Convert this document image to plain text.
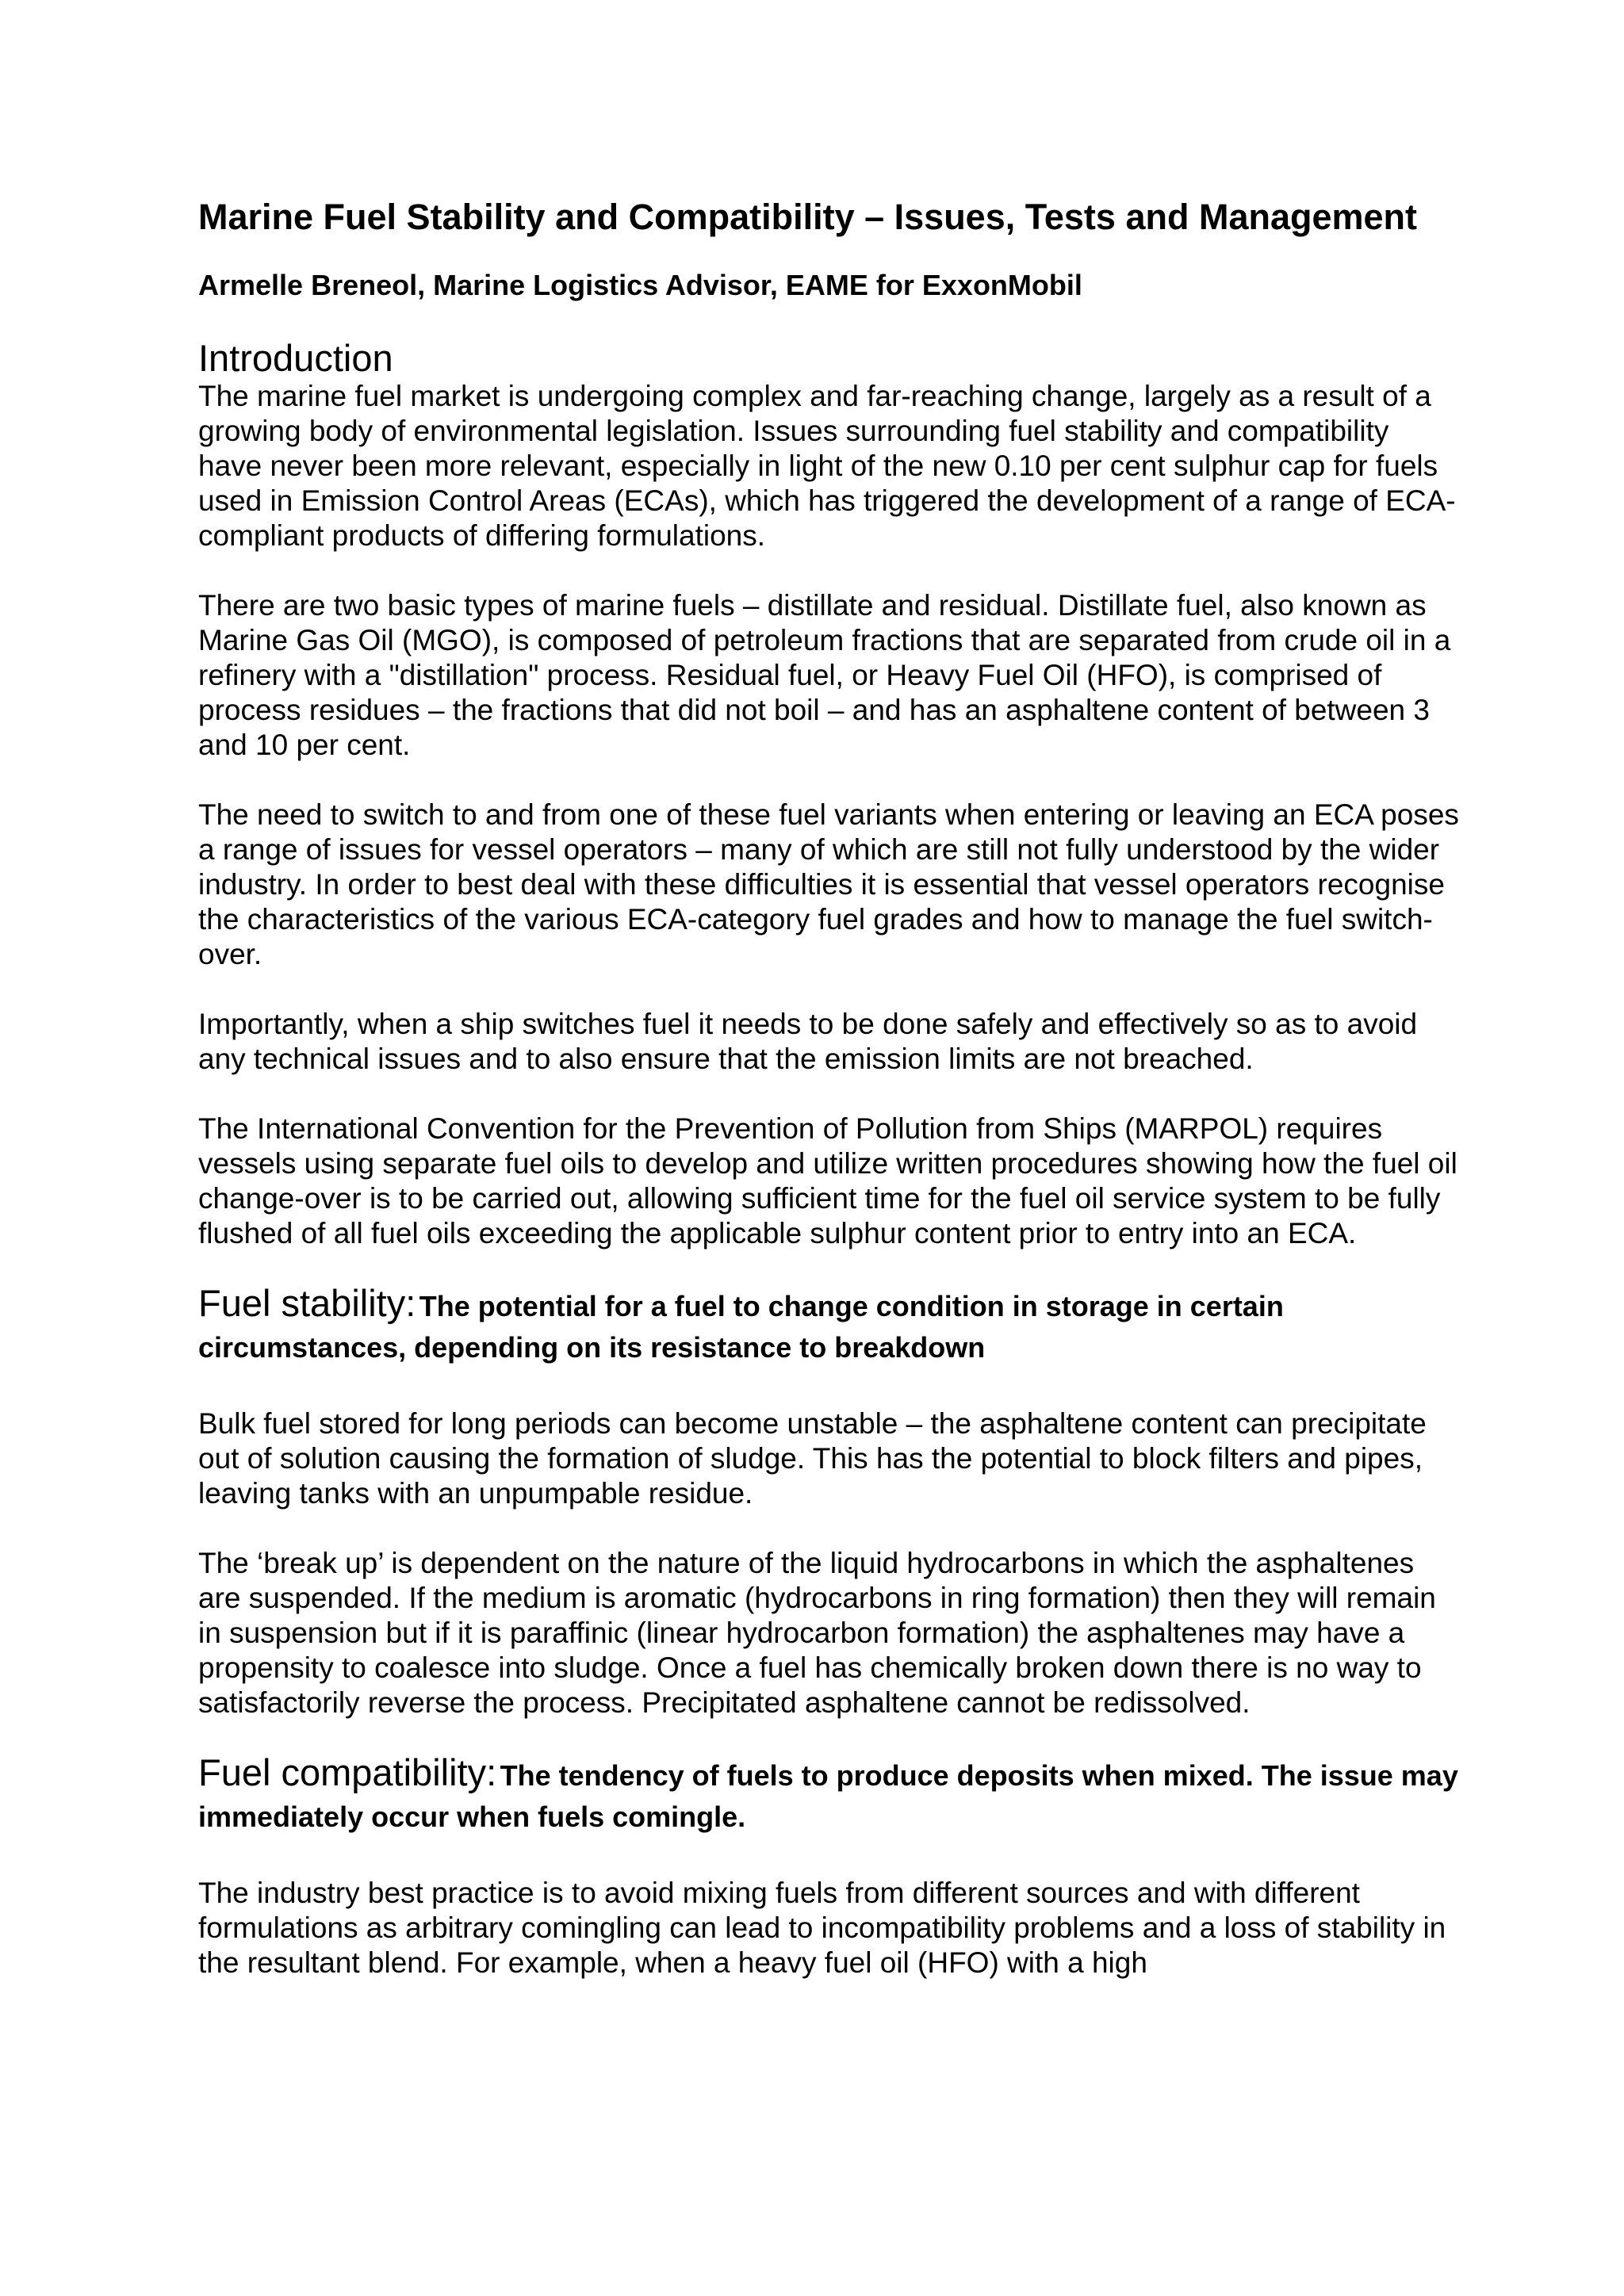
Marine Fuel Stability and Compatibility – Issues, Tests and Management
Armelle Breneol, Marine Logistics Advisor, EAME for ExxonMobil
Introduction

The marine fuel market is undergoing complex and far-reaching change, largely as a result of a growing body of environmental legislation. Issues surrounding fuel stability and compatibility have never been more relevant, especially in light of the new 0.10 per cent sulphur cap for fuels used in Emission Control Areas (ECAs), which has triggered the development of a range of ECA-compliant products of differing formulations.

There are two basic types of marine fuels – distillate and residual. Distillate fuel, also known as Marine Gas Oil (MGO), is composed of petroleum fractions that are separated from crude oil in a refinery with a "distillation" process. Residual fuel, or Heavy Fuel Oil (HFO), is comprised of process residues – the fractions that did not boil – and has an asphaltene content of between 3 and 10 per cent.

The need to switch to and from one of these fuel variants when entering or leaving an ECA poses a range of issues for vessel operators – many of which are still not fully understood by the wider industry. In order to best deal with these difficulties it is essential that vessel operators recognise the characteristics of the various ECA-category fuel grades and how to manage the fuel switch-over.

Importantly, when a ship switches fuel it needs to be done safely and effectively so as to avoid any technical issues and to also ensure that the emission limits are not breached.

The International Convention for the Prevention of Pollution from Ships (MARPOL) requires vessels using separate fuel oils to develop and utilize written procedures showing how the fuel oil change-over is to be carried out, allowing sufficient time for the fuel oil service system to be fully flushed of all fuel oils exceeding the applicable sulphur content prior to entry into an ECA.

Fuel stability: The potential for a fuel to change condition in storage in certain circumstances, depending on its resistance to breakdown

Bulk fuel stored for long periods can become unstable – the asphaltene content can precipitate out of solution causing the formation of sludge. This has the potential to block filters and pipes, leaving tanks with an unpumpable residue.

The ‘break up’ is dependent on the nature of the liquid hydrocarbons in which the asphaltenes are suspended. If the medium is aromatic (hydrocarbons in ring formation) then they will remain in suspension but if it is paraffinic (linear hydrocarbon formation) the asphaltenes may have a propensity to coalesce into sludge. Once a fuel has chemically broken down there is no way to satisfactorily reverse the process. Precipitated asphaltene cannot be redissolved.

Fuel compatibility: The tendency of fuels to produce deposits when mixed. The issue may immediately occur when fuels comingle.

The industry best practice is to avoid mixing fuels from different sources and with different formulations as arbitrary comingling can lead to incompatibility problems and a loss of stability in the resultant blend. For example, when a heavy fuel oil (HFO) with a high
